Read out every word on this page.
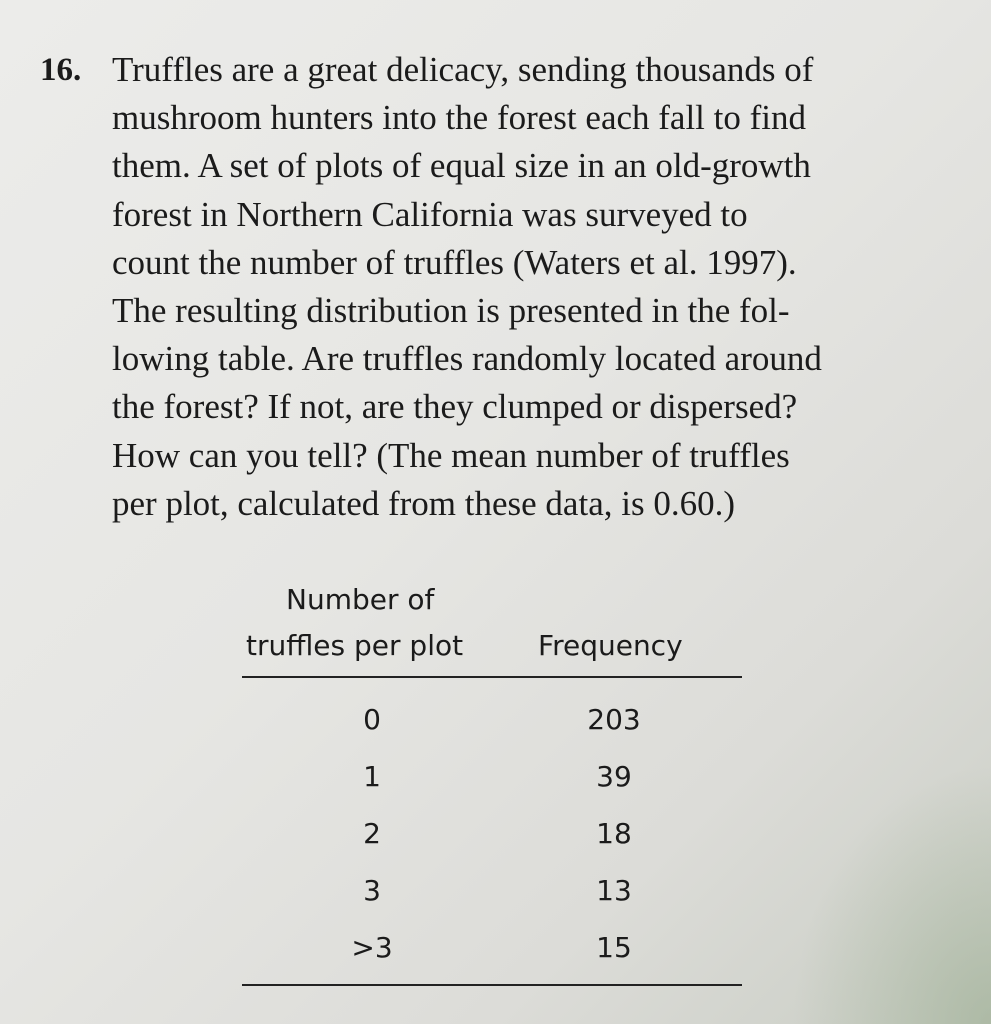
16. Truffles are a great delicacy, sending thousands of
mushroom hunters into the forest each fall to find
them. A set of plots of equal size in an old-growth
forest in Northern California was surveyed to
count the number of truffles (Waters et al. 1997).
The resulting distribution is presented in the fol-
lowing table. Are truffles randomly located around
the forest? If not, are they clumped or dispersed?
How can you tell? (The mean number of truffles
per plot, calculated from these data, is 0.60.)
Number of
truffles per plot	Frequency
0	203
1	39
2	18
3	13
>3	15
